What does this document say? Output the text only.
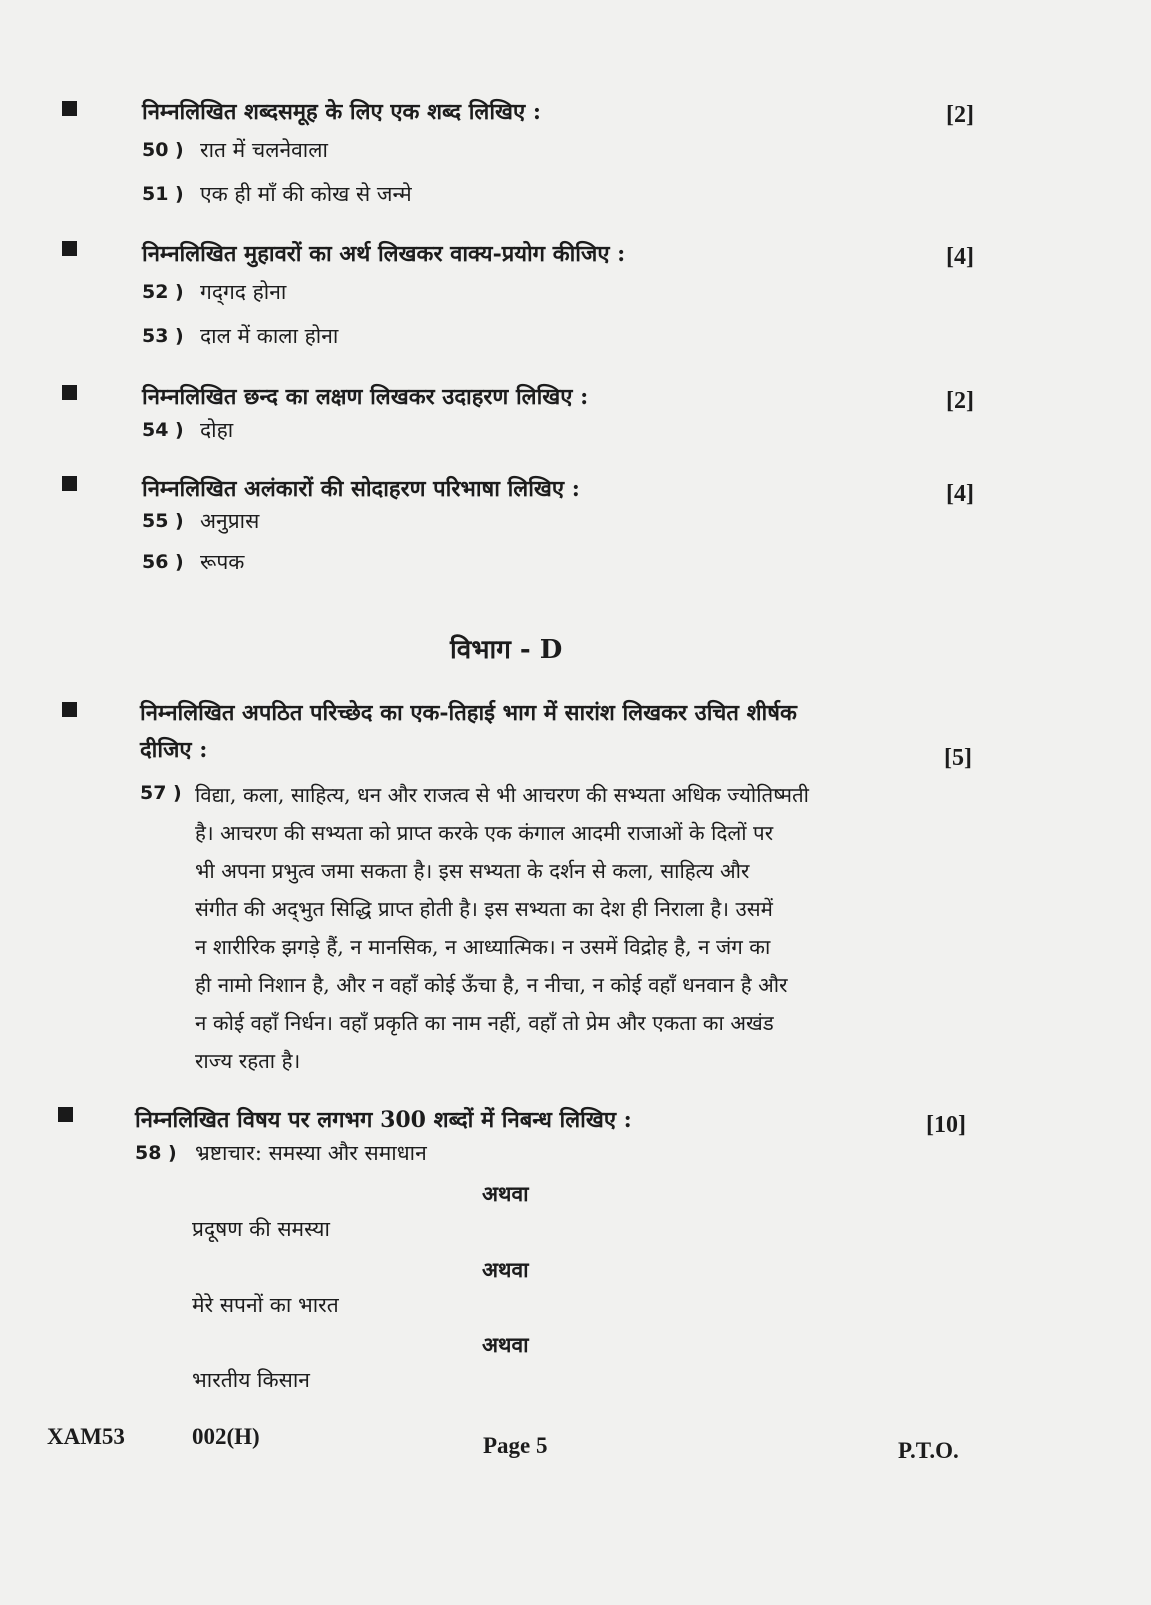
निम्नलिखित शब्दसमूह के लिए एक शब्द लिखिए :	[2]
50 ) रात में चलनेवाला
51 ) एक ही माँ की कोख से जन्मे
निम्नलिखित मुहावरों का अर्थ लिखकर वाक्य-प्रयोग कीजिए :	[4]
52 ) गद्‌गद होना
53 ) दाल में काला होना
निम्नलिखित छन्द का लक्षण लिखकर उदाहरण लिखिए :	[2]
54 ) दोहा
निम्नलिखित अलंकारों की सोदाहरण परिभाषा लिखिए :	[4]
55 ) अनुप्रास
56 ) रूपक
विभाग - D
निम्नलिखित अपठित परिच्छेद का एक-तिहाई भाग में सारांश लिखकर उचित शीर्षक
दीजिए :	[5]
57 ) विद्या, कला, साहित्य, धन और राजत्व से भी आचरण की सभ्यता अधिक ज्योतिष्मती
है। आचरण की सभ्यता को प्राप्त करके एक कंगाल आदमी राजाओं के दिलों पर
भी अपना प्रभुत्व जमा सकता है। इस सभ्यता के दर्शन से कला, साहित्य और
संगीत की अद्‌भुत सिद्धि प्राप्त होती है। इस सभ्यता का देश ही निराला है। उसमें
न शारीरिक झगड़े हैं, न मानसिक, न आध्यात्मिक। न उसमें विद्रोह है, न जंग का
ही नामो निशान है, और न वहाँ कोई ऊँचा है, न नीचा, न कोई वहाँ धनवान है और
न कोई वहाँ निर्धन। वहाँ प्रकृति का नाम नहीं, वहाँ तो प्रेम और एकता का अखंड
राज्य रहता है।
निम्नलिखित विषय पर लगभग 300 शब्दों में निबन्ध लिखिए :	[10]
58 ) भ्रष्टाचार: समस्या और समाधान
अथवा
प्रदूषण की समस्या
अथवा
मेरे सपनों का भारत
अथवा
भारतीय किसान
XAM53	002(H)	Page 5	P.T.O.
